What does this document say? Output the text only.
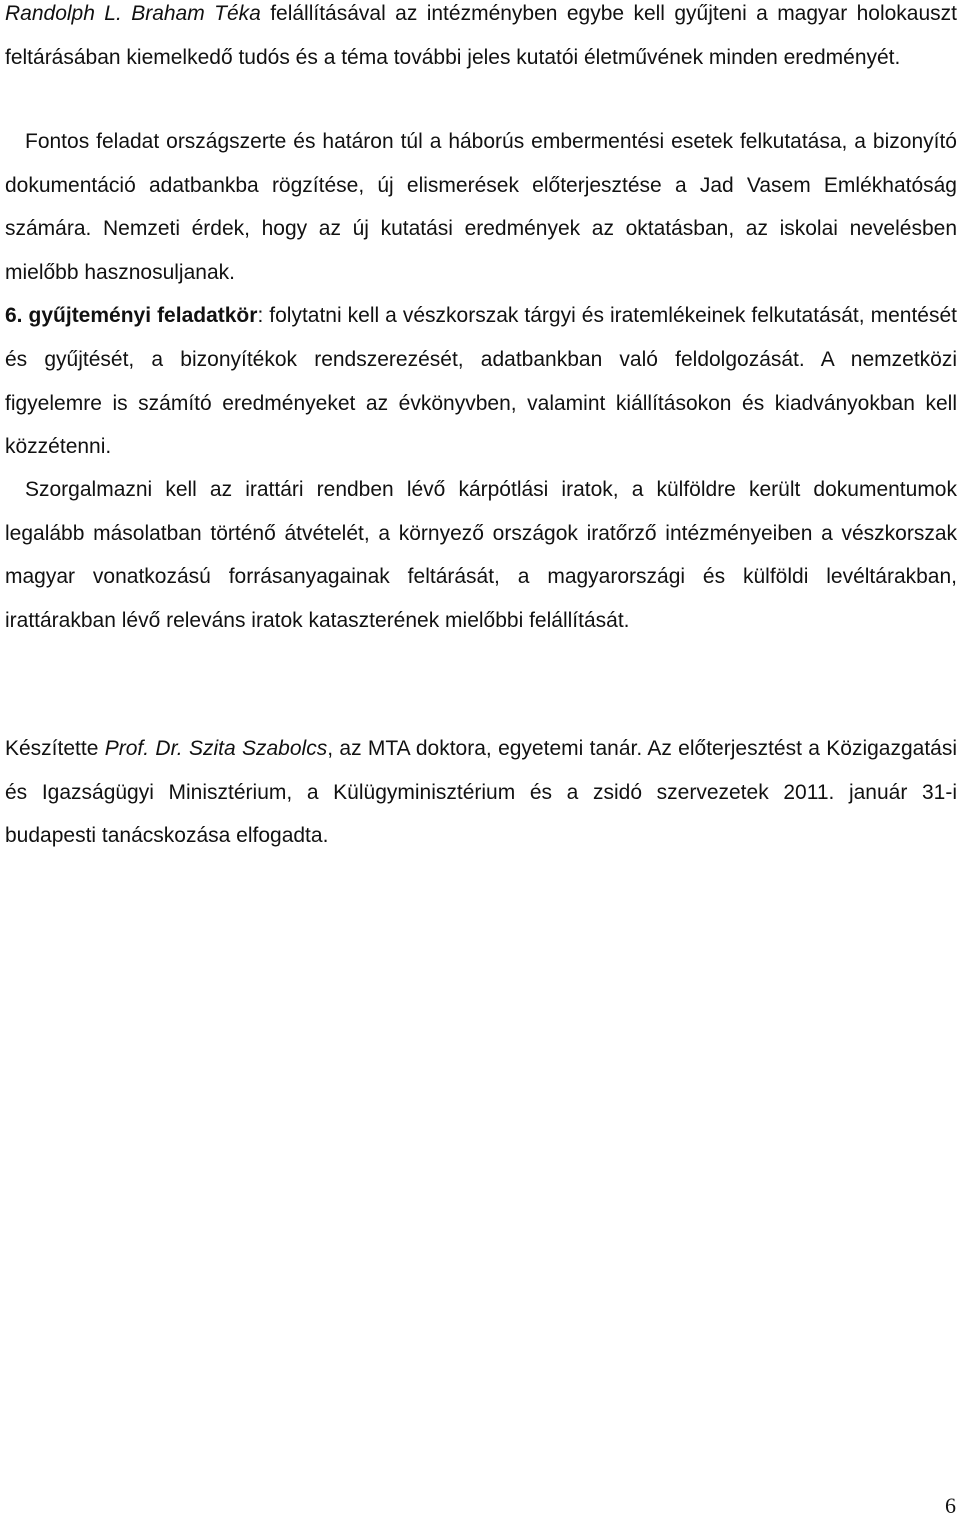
Randolph L. Braham Téka felállításával az intézményben egybe kell gyűjteni a magyar holokauszt feltárásában kiemelkedő tudós és a téma további jeles kutatói életművének minden eredményét.

Fontos feladat országszerte és határon túl a háborús embermentési esetek felkutatása, a bizonyító dokumentáció adatbankba rögzítése, új elismerések előterjesztése a Jad Vasem Emlékhatóság számára. Nemzeti érdek, hogy az új kutatási eredmények az oktatásban, az iskolai nevelésben mielőbb hasznosuljanak.
6. gyűjteményi feladatkör: folytatni kell a vészkorszak tárgyi és iratemlékeinek felkutatását, mentését és gyűjtését, a bizonyítékok rendszerezését, adatbankban való feldolgozását. A nemzetközi figyelemre is számító eredményeket az évkönyvben, valamint kiállításokon és kiadványokban kell közzétenni.

Szorgalmazni kell az irattári rendben lévő kárpótlási iratok, a külföldre került dokumentumok legalább másolatban történő átvételét, a környező országok iratőrző intézményeiben a vészkorszak magyar vonatkozású forrásanyagainak feltárását, a magyarországi és külföldi levéltárakban, irattárakban lévő releváns iratok kataszterének mielőbbi felállítását.

Készítette Prof. Dr. Szita Szabolcs, az MTA doktora, egyetemi tanár. Az előterjesztést a Közigazgatási és Igazságügyi Minisztérium, a Külügyminisztérium és a zsidó szervezetek 2011. január 31-i budapesti tanácskozása elfogadta.

6
